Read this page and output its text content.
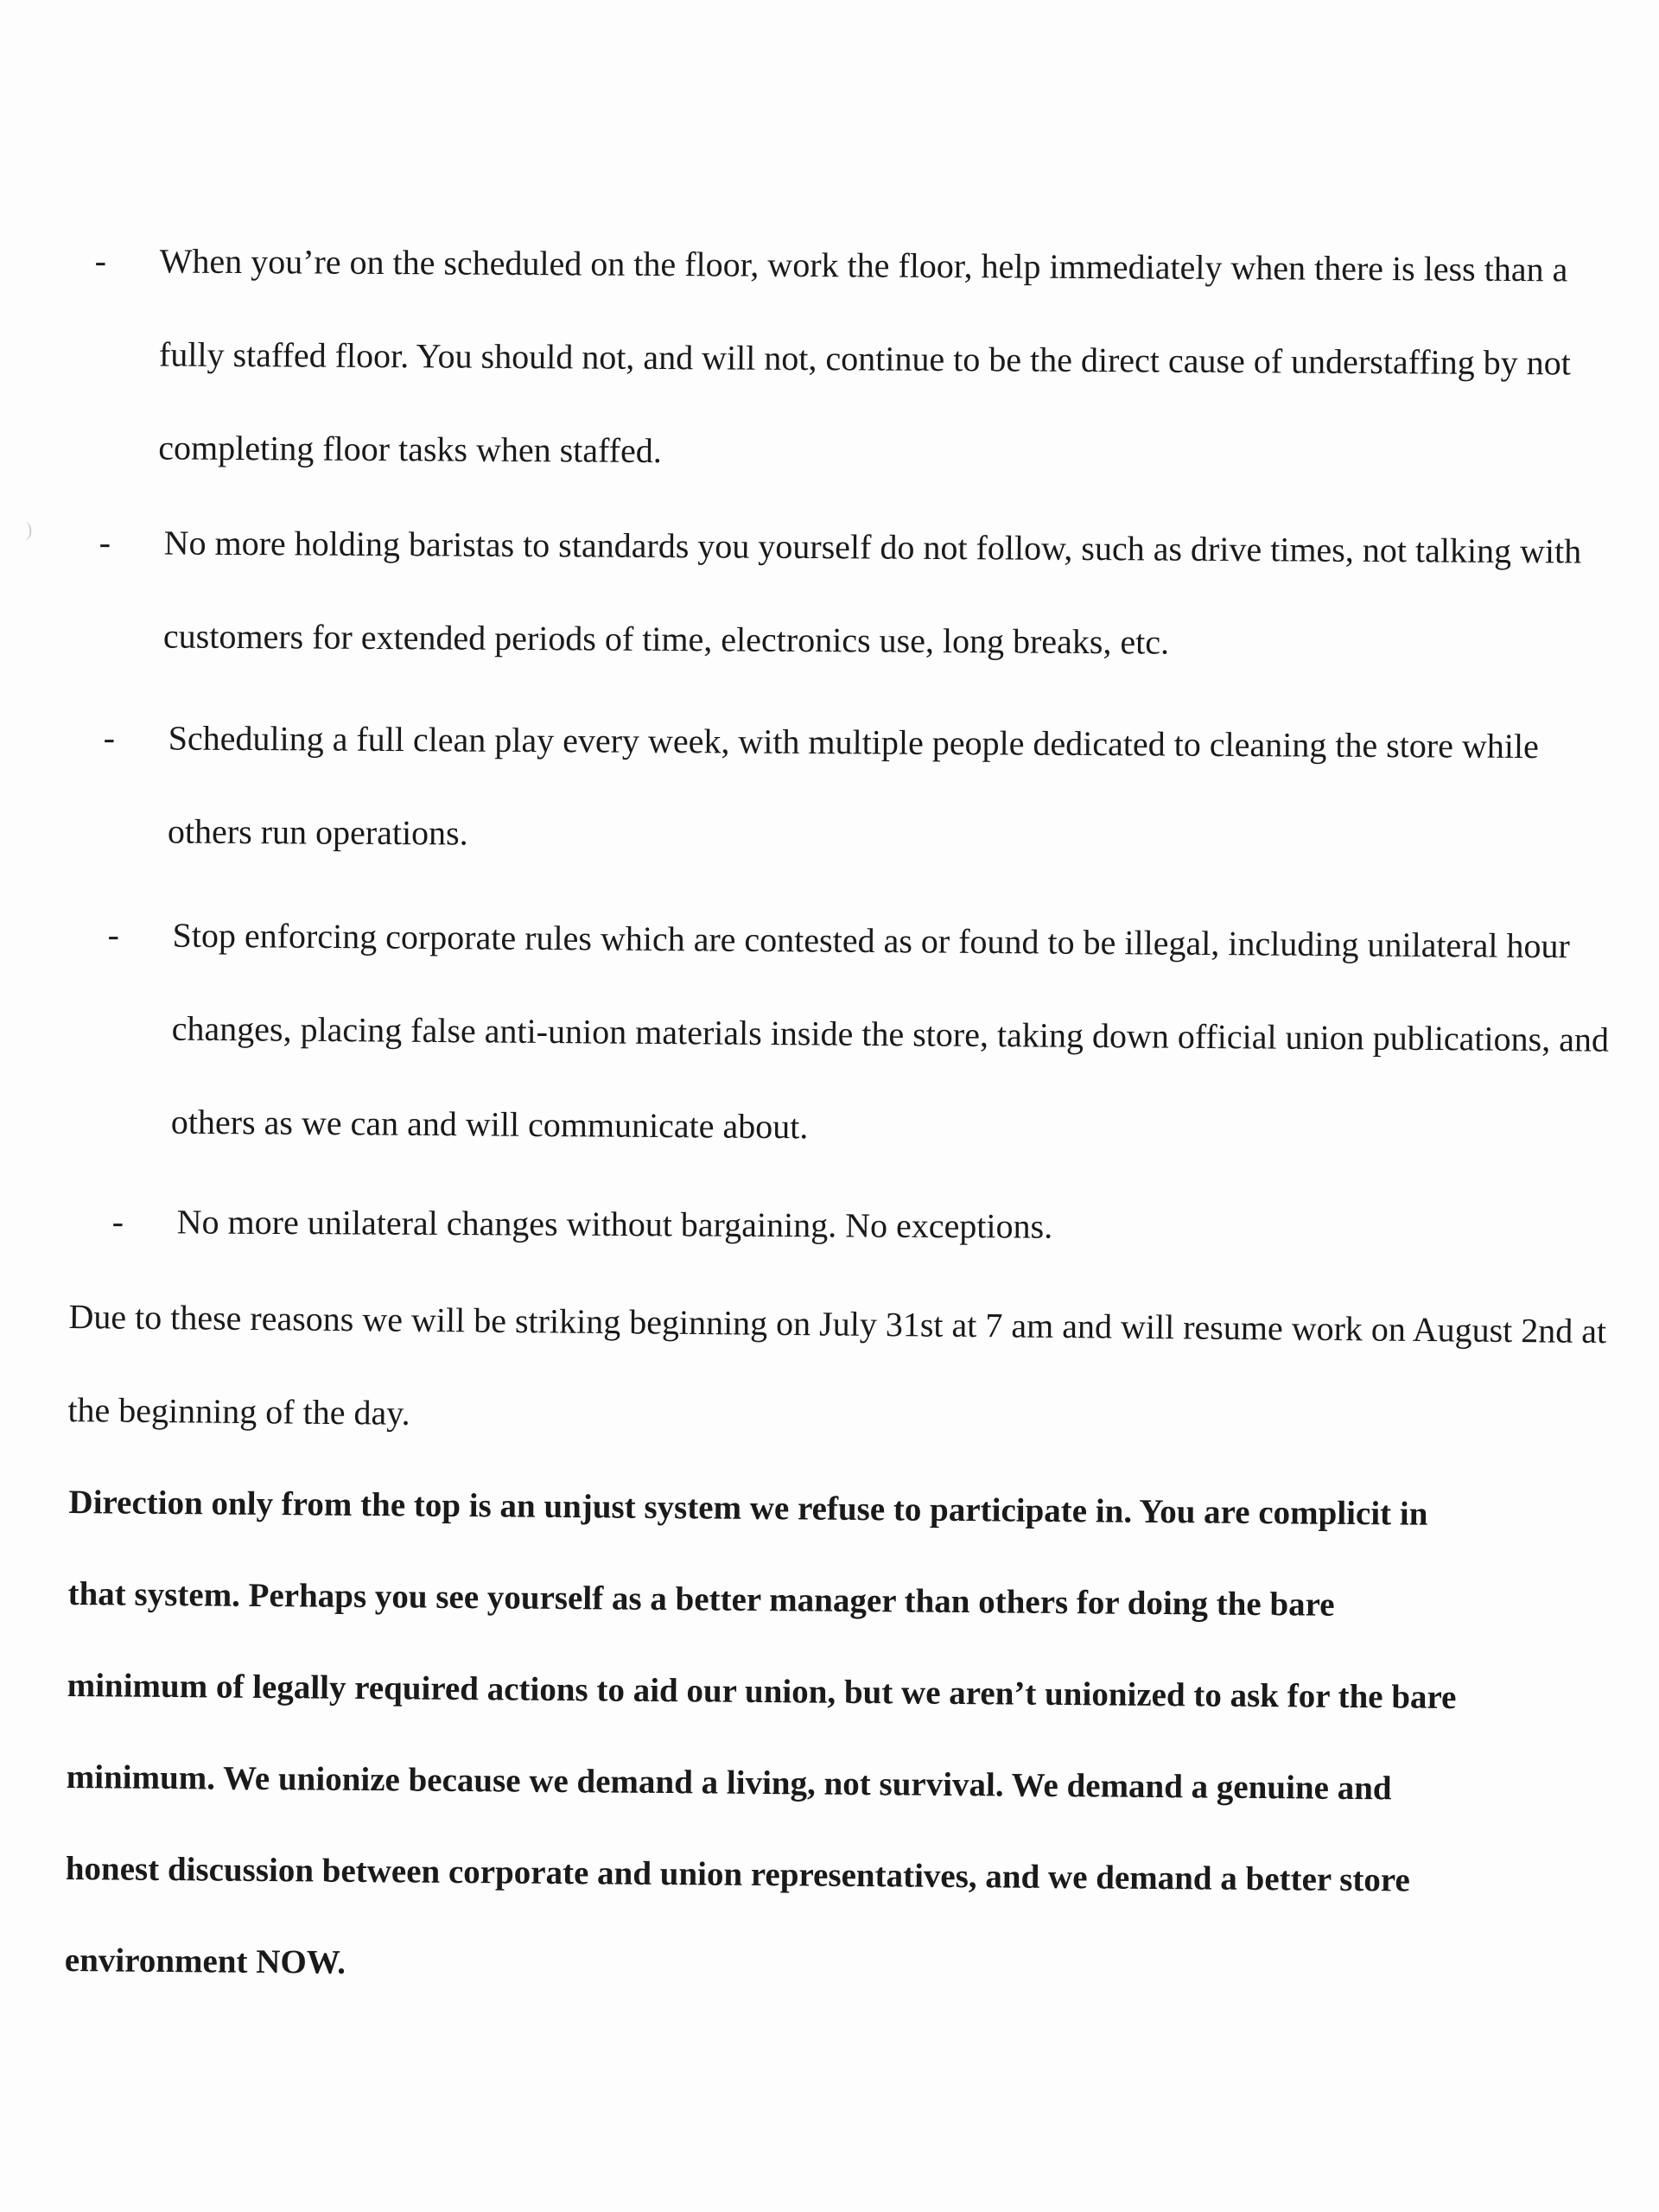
)
- When you’re on the scheduled on the floor, work the floor, help immediately when there is less than a fully staffed floor. You should not, and will not, continue to be the direct cause of understaffing by not completing floor tasks when staffed.
- No more holding baristas to standards you yourself do not follow, such as drive times, not talking with customers for extended periods of time, electronics use, long breaks, etc.
- Scheduling a full clean play every week, with multiple people dedicated to cleaning the store while others run operations.
- Stop enforcing corporate rules which are contested as or found to be illegal, including unilateral hour changes, placing false anti-union materials inside the store, taking down official union publications, and others as we can and will communicate about.
- No more unilateral changes without bargaining. No exceptions.
Due to these reasons we will be striking beginning on July 31st at 7 am and will resume work on August 2nd at the beginning of the day.
Direction only from the top is an unjust system we refuse to participate in. You are complicit in that system. Perhaps you see yourself as a better manager than others for doing the bare minimum of legally required actions to aid our union, but we aren’t unionized to ask for the bare minimum. We unionize because we demand a living, not survival. We demand a genuine and honest discussion between corporate and union representatives, and we demand a better store environment NOW.
